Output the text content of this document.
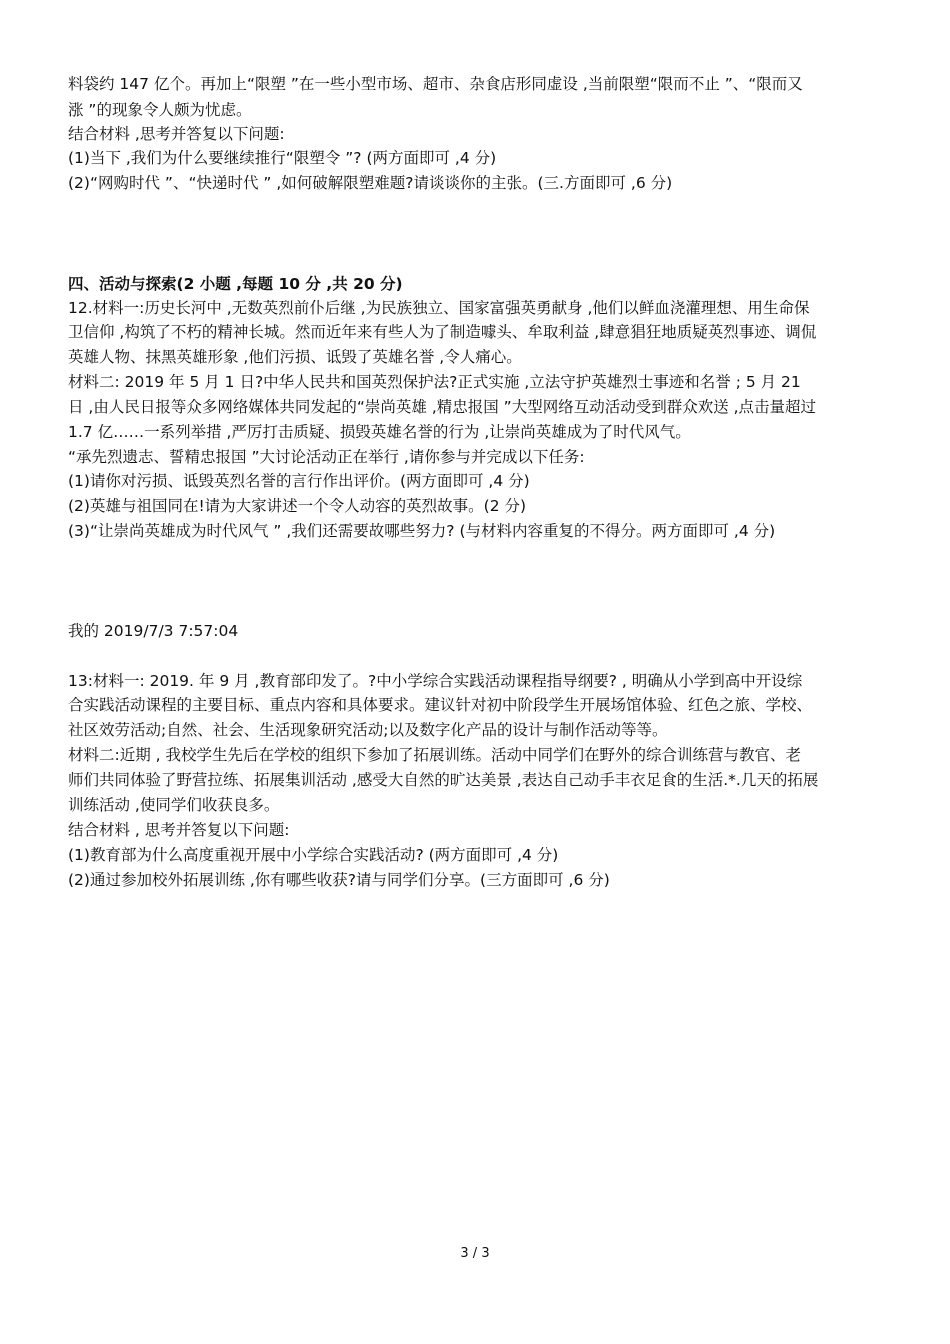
料袋约 147 亿个。再加上“限塑 ”在一些小型市场、超市、杂食店形同虚设 ,当前限塑“限而不止 ”、“限而又
涨 ”的现象令人颇为忧虑。
结合材料 ,思考并答复以下问题:
(1)当下 ,我们为什么要继续推行“限塑令 ”? (两方面即可 ,4 分)
(2)“网购时代 ”、“快递时代 ” ,如何破解限塑难题?请谈谈你的主张。(三.方面即可 ,6 分)
四、活动与探索(2 小题 ,每题 10 分 ,共 20 分)
12.材料一:历史长河中 ,无数英烈前仆后继 ,为民族独立、国家富强英勇献身 ,他们以鲜血浇灌理想、用生命保
卫信仰 ,构筑了不朽的精神长城。然而近年来有些人为了制造噱头、牟取利益 ,肆意猖狂地质疑英烈事迹、调侃
英雄人物、抹黑英雄形象 ,他们污损、诋毁了英雄名誉 ,令人痛心。
材料二: 2019 年 5 月 1 日?中华人民共和国英烈保护法?正式实施 ,立法守护英雄烈士事迹和名誉 ; 5 月 21
日 ,由人民日报等众多网络媒体共同发起的“崇尚英雄 ,精忠报国 ”大型网络互动活动受到群众欢送 ,点击量超过
1.7 亿……一系列举措 ,严厉打击质疑、损毁英雄名誉的行为 ,让崇尚英雄成为了时代风气。
“承先烈遗志、誓精忠报国 ”大讨论活动正在举行 ,请你参与并完成以下任务:
(1)请你对污损、诋毁英烈名誉的言行作出评价。(两方面即可 ,4 分)
(2)英雄与祖国同在!请为大家讲述一个令人动容的英烈故事。(2 分)
(3)“让崇尚英雄成为时代风气 ” ,我们还需要故哪些努力? (与材料内容重复的不得分。两方面即可 ,4 分)
我的 2019/7/3 7:57:04
13:材料一: 2019. 年 9 月 ,教育部印发了。?中小学综合实践活动课程指导纲要? , 明确从小学到高中开设综
合实践活动课程的主要目标、重点内容和具体要求。建议针对初中阶段学生开展场馆体验、红色之旅、学校、
社区效劳活动;自然、社会、生活现象研究活动;以及数字化产品的设计与制作活动等等。
材料二:近期 , 我校学生先后在学校的组织下参加了拓展训练。活动中同学们在野外的综合训练营与教官、老
师们共同体验了野营拉练、拓展集训活动 ,感受大自然的旷达美景 ,表达自己动手丰衣足食的生活.*.几天的拓展
训练活动 ,使同学们收获良多。
结合材料 , 思考并答复以下问题:
(1)教育部为什么高度重视开展中小学综合实践活动? (两方面即可 ,4 分)
(2)通过参加校外拓展训练 ,你有哪些收获?请与同学们分享。(三方面即可 ,6 分)
3 / 3
